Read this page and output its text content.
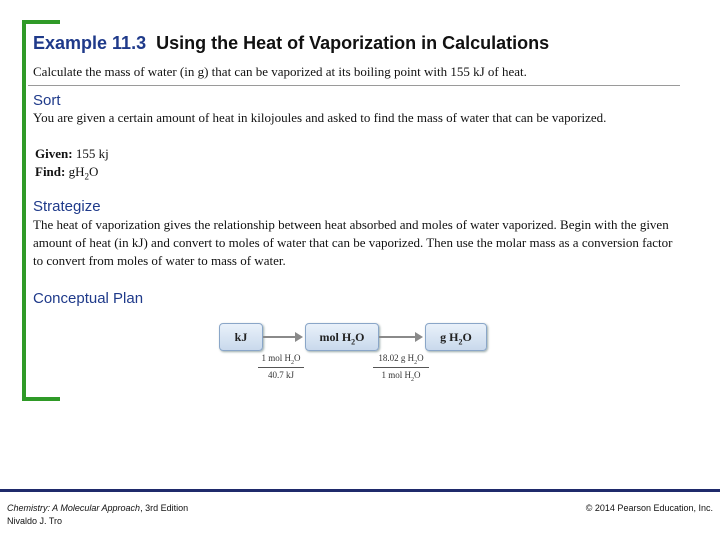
Example 11.3 Using the Heat of Vaporization in Calculations
Calculate the mass of water (in g) that can be vaporized at its boiling point with 155 kJ of heat.
Sort
You are given a certain amount of heat in kilojoules and asked to find the mass of water that can be vaporized.
Given: 155 kj
Find: $gH_2O$
Strategize
The heat of vaporization gives the relationship between heat absorbed and moles of water vaporized. Begin with the given amount of heat (in kJ) and convert to moles of water that can be vaporized. Then use the molar mass as a conversion factor to convert from moles of water to mass of water.
Conceptual Plan
kJ	mol $H_2O$	g $H_2O$
1 mol $H_2O$
40.7 kJ
18.02 g $H_2O$
1 mol $H_2O$
Chemistry: A Molecular Approach, 3rd Edition
Nivaldo J. Tro
© 2014 Pearson Education, Inc.
